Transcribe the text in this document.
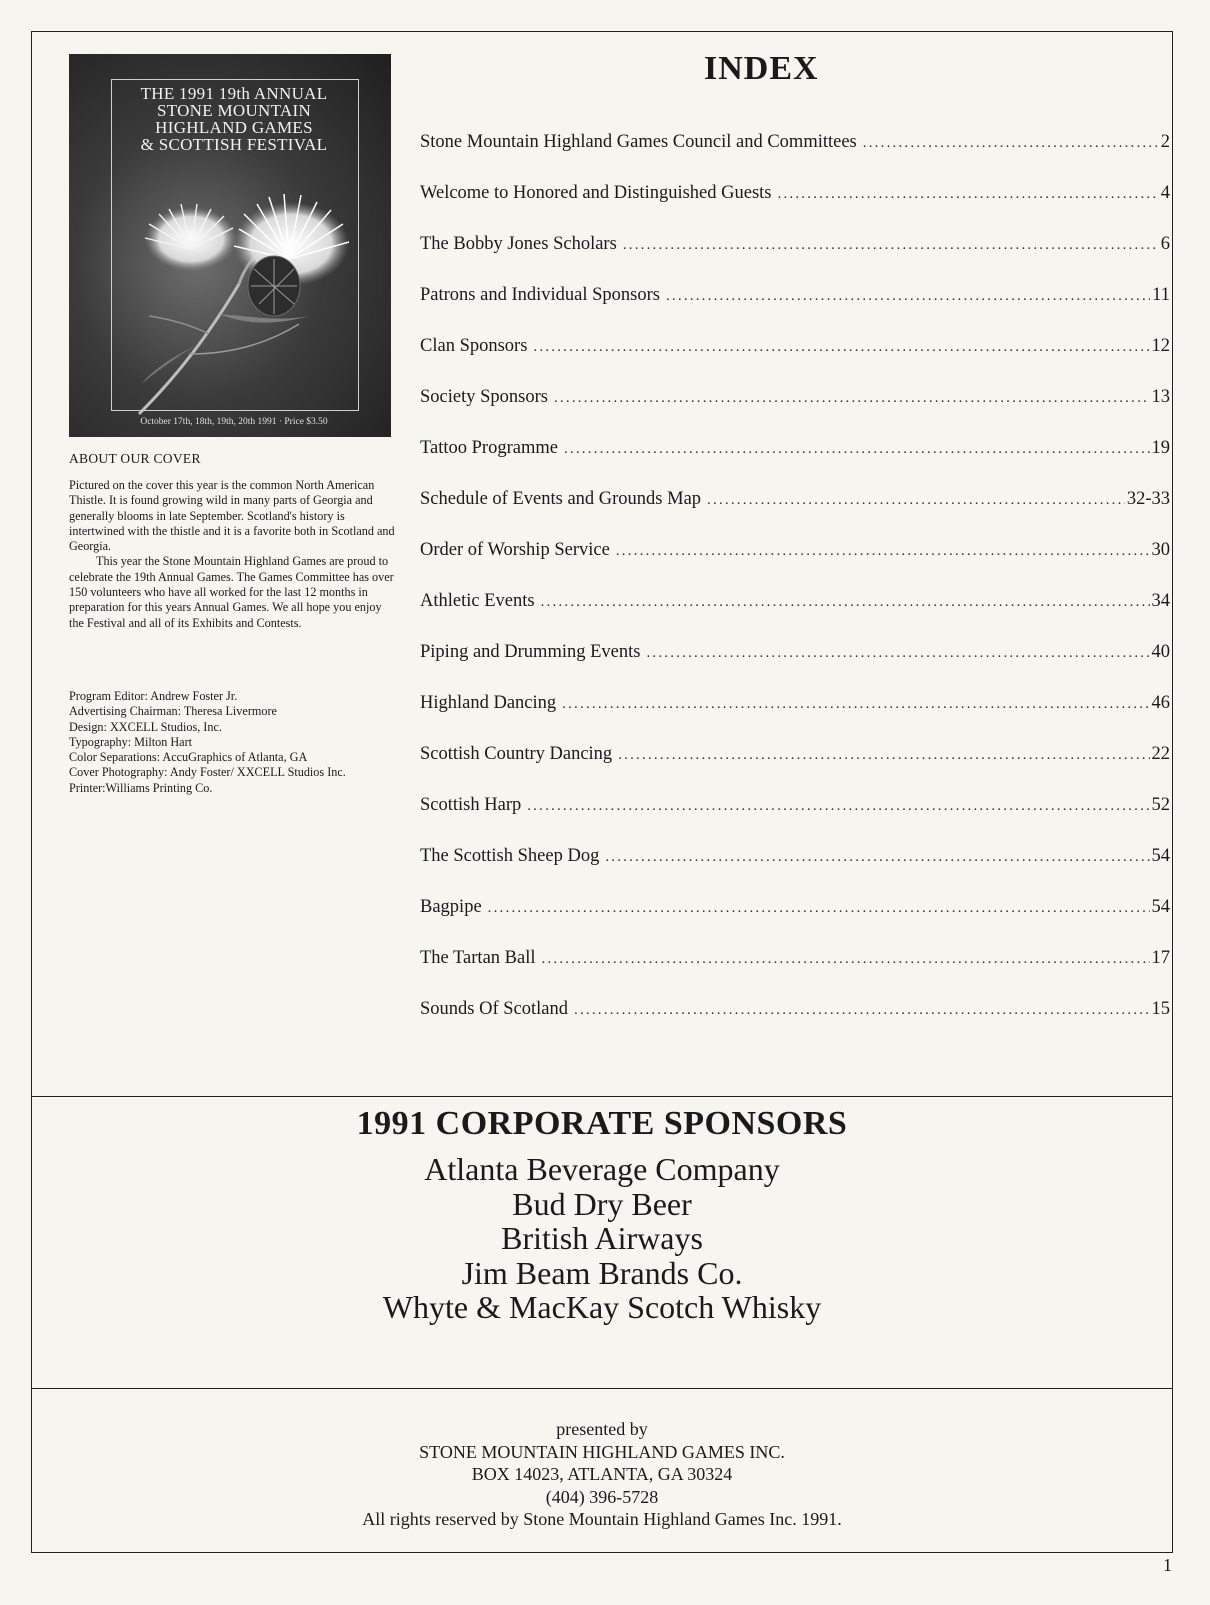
THE 1991 19th ANNUAL
STONE MOUNTAIN
HIGHLAND GAMES
& SCOTTISH FESTIVAL
October 17th, 18th, 19th, 20th 1991 · Price $3.50
ABOUT OUR COVER

Pictured on the cover this year is the common North American Thistle. It is found growing wild in many parts of Georgia and generally blooms in late September. Scotland's history is intertwined with the thistle and it is a favorite both in Scotland and Georgia.

This year the Stone Mountain Highland Games are proud to celebrate the 19th Annual Games. The Games Committee has over 150 volunteers who have all worked for the last 12 months in preparation for this years Annual Games. We all hope you enjoy the Festival and all of its Exhibits and Contests.

Program Editor: Andrew Foster Jr.
Advertising Chairman: Theresa Livermore
Design: XXCELL Studios, Inc.
Typography: Milton Hart
Color Separations: AccuGraphics of Atlanta, GA
Cover Photography: Andy Foster/ XXCELL Studios Inc.
Printer:Williams Printing Co.
INDEX
Stone Mountain Highland Games Council and Committees .....	2
Welcome to Honored and Distinguished Guests .....	4
The Bobby Jones Scholars .....	6
Patrons and Individual Sponsors .....	11
Clan Sponsors .....	12
Society Sponsors .....	13
Tattoo Programme .....	19
Schedule of Events and Grounds Map .....	32-33
Order of Worship Service .....	30
Athletic Events .....	34
Piping and Drumming Events .....	40
Highland Dancing .....	46
Scottish Country Dancing .....	22
Scottish Harp .....	52
The Scottish Sheep Dog .....	54
Bagpipe .....	54
The Tartan Ball .....	17
Sounds Of Scotland .....	15
1991 CORPORATE SPONSORS
Atlanta Beverage Company
Bud Dry Beer
British Airways
Jim Beam Brands Co.
Whyte & MacKay Scotch Whisky
presented by
STONE MOUNTAIN HIGHLAND GAMES INC.
BOX 14023, ATLANTA, GA 30324
(404) 396-5728
All rights reserved by Stone Mountain Highland Games Inc. 1991.
1
